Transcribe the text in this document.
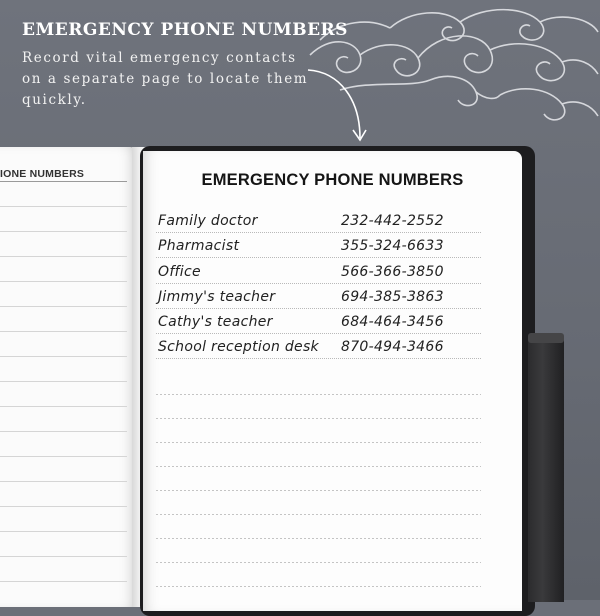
EMERGENCY PHONE NUMBERS
Record vital emergency contacts on a separate page to locate them quickly.
IONE NUMBERS	EMERGENCY PHONE NUMBERS
Family doctor	232-442-2552
Pharmacist	355-324-6633
Office	566-366-3850
Jimmy's teacher	694-385-3863
Cathy's teacher	684-464-3456
School reception desk 870-494-3466
